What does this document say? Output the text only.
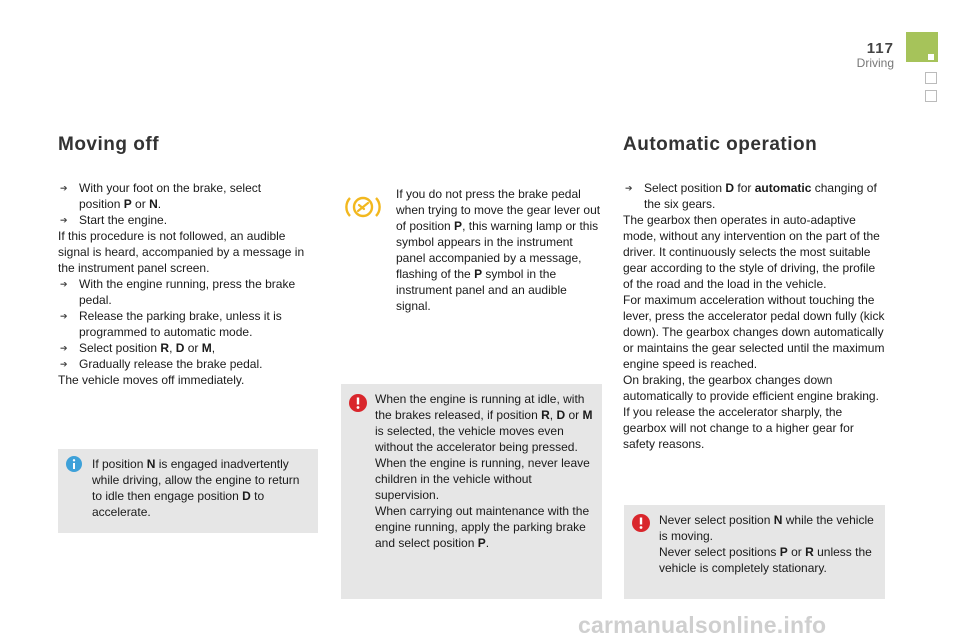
117
Driving
Moving off

➔ With your foot on the brake, select
position P or N.

➔ Start the engine.

If this procedure is not followed, an audible signal is heard, accompanied by a message in the instrument panel screen.

➔ With the engine running, press the brake pedal.

➔ Release the parking brake, unless it is programmed to automatic mode.

➔ Select position R, D or M,

➔ Gradually release the brake pedal.

The vehicle moves off immediately.

If you do not press the brake pedal when trying to move the gear lever out of position P, this warning lamp or this symbol appears in the instrument panel accompanied by a message, flashing of the P symbol in the instrument panel and an audible signal.

If position N is engaged inadvertently while driving, allow the engine to return to idle then engage position D to accelerate.

When the engine is running at idle, with the brakes released, if position R, D or M is selected, the vehicle moves even without the accelerator being pressed.

When the engine is running, never leave children in the vehicle without supervision.

When carrying out maintenance with the engine running, apply the parking brake and select position P.

Automatic operation

➔ Select position D for automatic changing of the six gears.

The gearbox then operates in auto-adaptive mode, without any intervention on the part of the driver. It continuously selects the most suitable gear according to the style of driving, the profile of the road and the load in the vehicle.

For maximum acceleration without touching the lever, press the accelerator pedal down fully (kick down). The gearbox changes down automatically or maintains the gear selected until the maximum engine speed is reached.

On braking, the gearbox changes down automatically to provide efficient engine braking.

If you release the accelerator sharply, the gearbox will not change to a higher gear for safety reasons.

Never select position N while the vehicle is moving.

Never select positions P or R unless the vehicle is completely stationary.

carmanualsonline.info
